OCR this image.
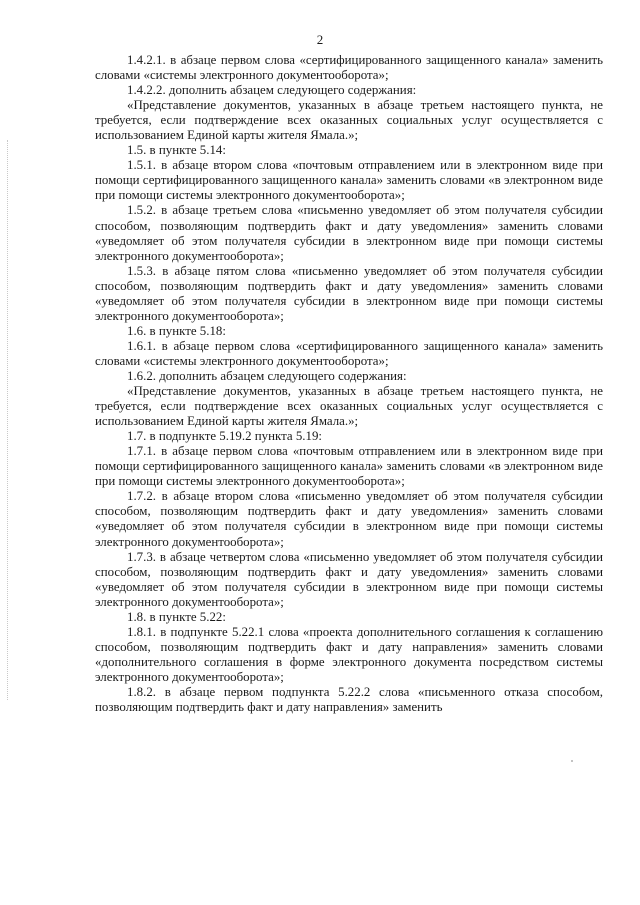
2

1.4.2.1. в абзаце первом слова «сертифицированного защищенного канала» заменить словами «системы электронного документооборота»;

1.4.2.2. дополнить абзацем следующего содержания:

«Представление документов, указанных в абзаце третьем настоящего пункта, не требуется, если подтверждение всех оказанных социальных услуг осуществляется с использованием Единой карты жителя Ямала.»;

1.5. в пункте 5.14:

1.5.1. в абзаце втором слова «почтовым отправлением или в электронном виде при помощи сертифицированного защищенного канала» заменить словами «в электронном виде при помощи системы электронного документооборота»;

1.5.2. в абзаце третьем слова «письменно уведомляет об этом получателя субсидии способом, позволяющим подтвердить факт и дату уведомления» заменить словами «уведомляет об этом получателя субсидии в электронном виде при помощи системы электронного документооборота»;

1.5.3. в абзаце пятом слова «письменно уведомляет об этом получателя субсидии способом, позволяющим подтвердить факт и дату уведомления» заменить словами «уведомляет об этом получателя субсидии в электронном виде при помощи системы электронного документооборота»;

1.6. в пункте 5.18:

1.6.1. в абзаце первом слова «сертифицированного защищенного канала» заменить словами «системы электронного документооборота»;

1.6.2. дополнить абзацем следующего содержания:

«Представление документов, указанных в абзаце третьем настоящего пункта, не требуется, если подтверждение всех оказанных социальных услуг осуществляется с использованием Единой карты жителя Ямала.»;

1.7. в подпункте 5.19.2 пункта 5.19:

1.7.1. в абзаце первом слова «почтовым отправлением или в электронном виде при помощи сертифицированного защищенного канала» заменить словами «в электронном виде при помощи системы электронного документооборота»;

1.7.2. в абзаце втором слова «письменно уведомляет об этом получателя субсидии способом, позволяющим подтвердить факт и дату уведомления» заменить словами «уведомляет об этом получателя субсидии в электронном виде при помощи системы электронного документооборота»;

1.7.3. в абзаце четвертом слова «письменно уведомляет об этом получателя субсидии способом, позволяющим подтвердить факт и дату уведомления» заменить словами «уведомляет об этом получателя субсидии в электронном виде при помощи системы электронного документооборота»;

1.8. в пункте 5.22:

1.8.1. в подпункте 5.22.1 слова «проекта дополнительного соглашения к соглашению способом, позволяющим подтвердить факт и дату направления» заменить словами «дополнительного соглашения в форме электронного документа посредством системы электронного документооборота»;

1.8.2. в абзаце первом подпункта 5.22.2 слова «письменного отказа способом, позволяющим подтвердить факт и дату направления» заменить
